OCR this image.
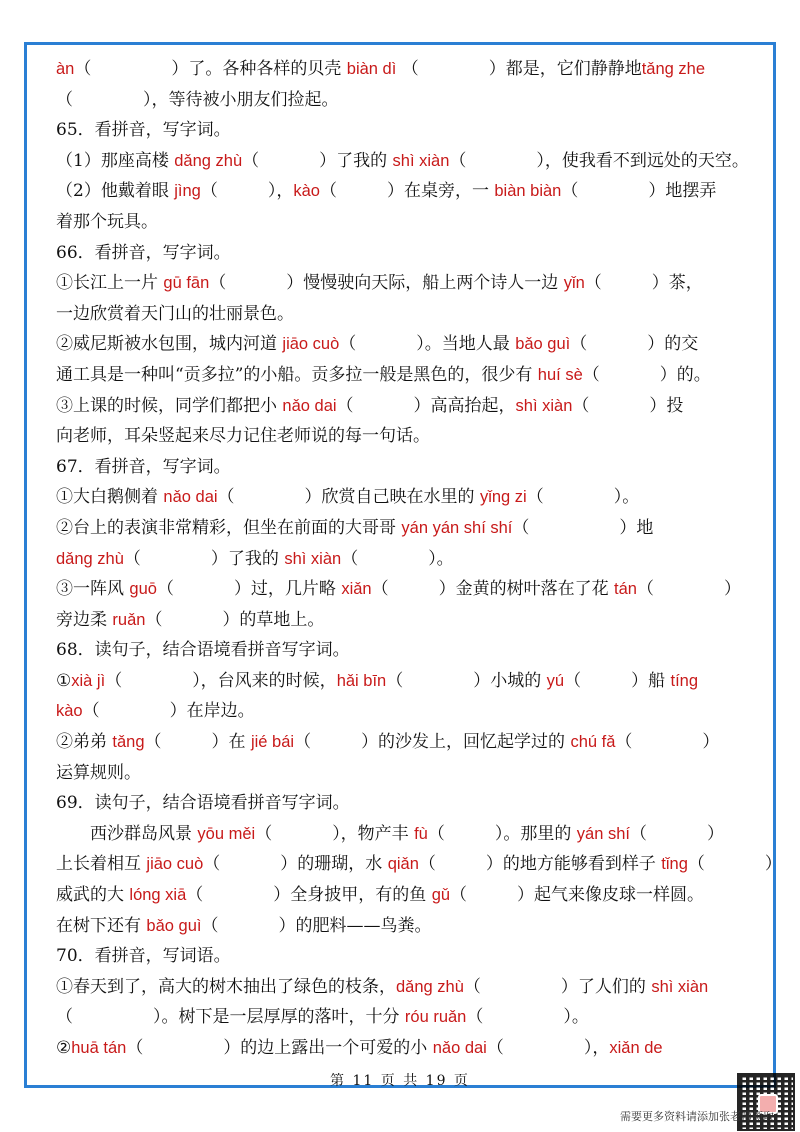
àn（	）了。各种各样的贝壳 biàn dì （	）都是，它们静静地tǎng zhe
（	），等待被小朋友们捡起。
65．看拼音，写字词。
（1）那座高楼 dǎng zhù（	）了我的 shì xiàn（	），使我看不到远处的天空。
（2）他戴着眼 jìng（	），kào（	）在桌旁，一 biàn biàn（	）地摆弄
着那个玩具。
66．看拼音，写字词。
①长江上一片 gū fān（	）慢慢驶向天际，船上两个诗人一边 yǐn（	）茶，
一边欣赏着天门山的壮丽景色。
②威尼斯被水包围，城内河道 jiāo cuò（	）。当地人最 bǎo guì（	）的交
通工具是一种叫“贡多拉”的小船。贡多拉一般是黑色的，很少有 huí sè（	）的。
③上课的时候，同学们都把小 nǎo dai（	）高高抬起，shì xiàn（	）投
向老师，耳朵竖起来尽力记住老师说的每一句话。
67．看拼音，写字词。
①大白鹅侧着 nǎo dai（	）欣赏自己映在水里的 yǐng zi（	）。
②台上的表演非常精彩，但坐在前面的大哥哥 yán yán shí shí（	）地
dǎng zhù（	）了我的 shì xiàn（	）。
③一阵风 guō（	）过，几片略 xiǎn（	）金黄的树叶落在了花 tán（	）
旁边柔 ruǎn（	）的草地上。
68．读句子，结合语境看拼音写字词。
①xià jì（	），台风来的时候，hǎi bīn（	）小城的 yú（	）船 tíng
kào（	）在岸边。
②弟弟 tǎng（	）在 jié bái（	）的沙发上，回忆起学过的 chú fǎ（	）
运算规则。
69．读句子，结合语境看拼音写字词。
西沙群岛风景 yōu měi（	），物产丰 fù（	）。那里的 yán shí（	）
上长着相互 jiāo cuò（	）的珊瑚，水 qiǎn（	）的地方能够看到样子 tǐng（	）
威武的大 lóng xiā（	）全身披甲，有的鱼 gǔ（	）起气来像皮球一样圆。
在树下还有 bǎo guì（	）的肥料——鸟粪。
70．看拼音，写词语。
①春天到了，高大的树木抽出了绿色的枝条，dǎng zhù（	）了人们的 shì xiàn
（	）。树下是一层厚厚的落叶，十分 róu ruǎn（	）。
②huā tán（	）的边上露出一个可爱的小 nǎo dai（	），xiǎn de
第 11 页 共 19 页
需要更多资料请添加张老师领取
